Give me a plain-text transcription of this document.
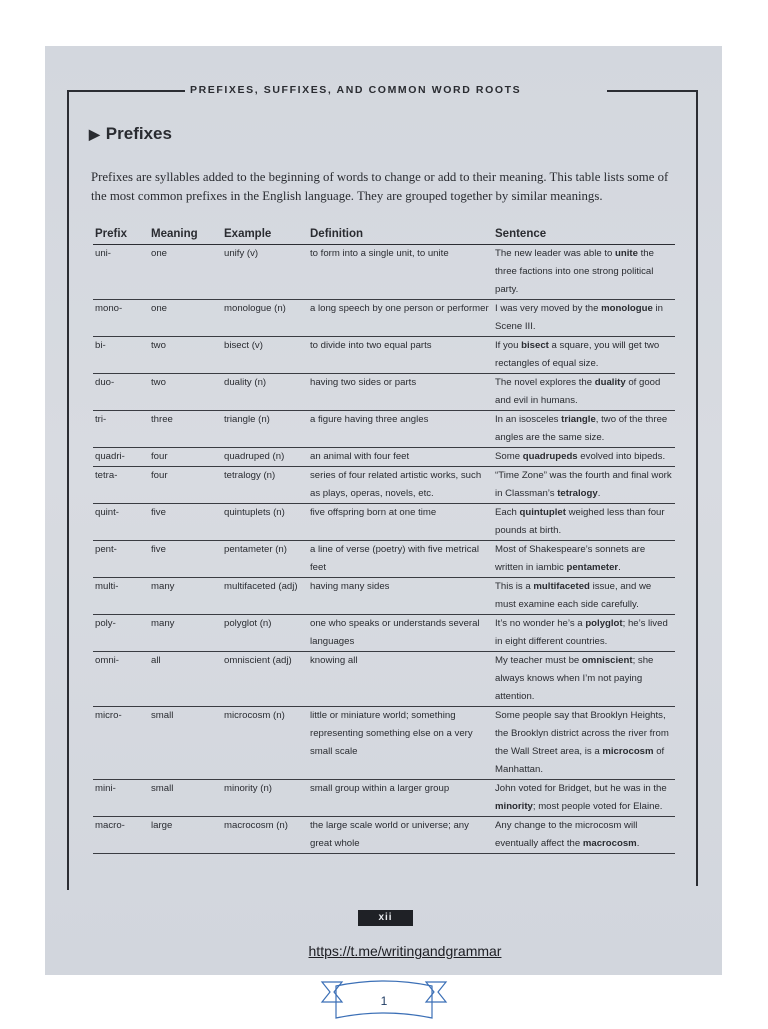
PREFIXES, SUFFIXES, AND COMMON WORD ROOTS
▶ Prefixes
Prefixes are syllables added to the beginning of words to change or add to their meaning. This table lists some of the most common prefixes in the English language. They are grouped together by similar meanings.
Prefix	Meaning	Example	Definition	Sentence
uni-	one	unify (v)	to form into a single unit, to unite	The new leader was able to unite the three factions into one strong political party.
mono-	one	monologue (n)	a long speech by one person or performer	I was very moved by the monologue in Scene III.
bi-	two	bisect (v)	to divide into two equal parts	If you bisect a square, you will get two rectangles of equal size.
duo-	two	duality (n)	having two sides or parts	The novel explores the duality of good and evil in humans.
tri-	three	triangle (n)	a figure having three angles	In an isosceles triangle, two of the three angles are the same size.
quadri-	four	quadruped (n)	an animal with four feet	Some quadrupeds evolved into bipeds.
tetra-	four	tetralogy (n)	series of four related artistic works, such as plays, operas, novels, etc.	“Time Zone” was the fourth and final work in Classman’s tetralogy.
quint-	five	quintuplets (n)	five offspring born at one time	Each quintuplet weighed less than four pounds at birth.
pent-	five	pentameter (n)	a line of verse (poetry) with five metrical feet	Most of Shakespeare’s sonnets are written in iambic pentameter.
multi-	many	multifaceted (adj)	having many sides	This is a multifaceted issue, and we must examine each side carefully.
poly-	many	polyglot (n)	one who speaks or understands several languages	It’s no wonder he’s a polyglot; he’s lived in eight different countries.
omni-	all	omniscient (adj)	knowing all	My teacher must be omniscient; she always knows when I’m not paying attention.
micro-	small	microcosm (n)	little or miniature world; something representing something else on a very small scale	Some people say that Brooklyn Heights, the Brooklyn district across the river from the Wall Street area, is a microcosm of Manhattan.
mini-	small	minority (n)	small group within a larger group	John voted for Bridget, but he was in the minority; most people voted for Elaine.
macro-	large	macrocosm (n)	the large scale world or universe; any great whole	Any change to the microcosm will eventually affect the macrocosm.
xii
https://t.me/writingandgrammar
1
